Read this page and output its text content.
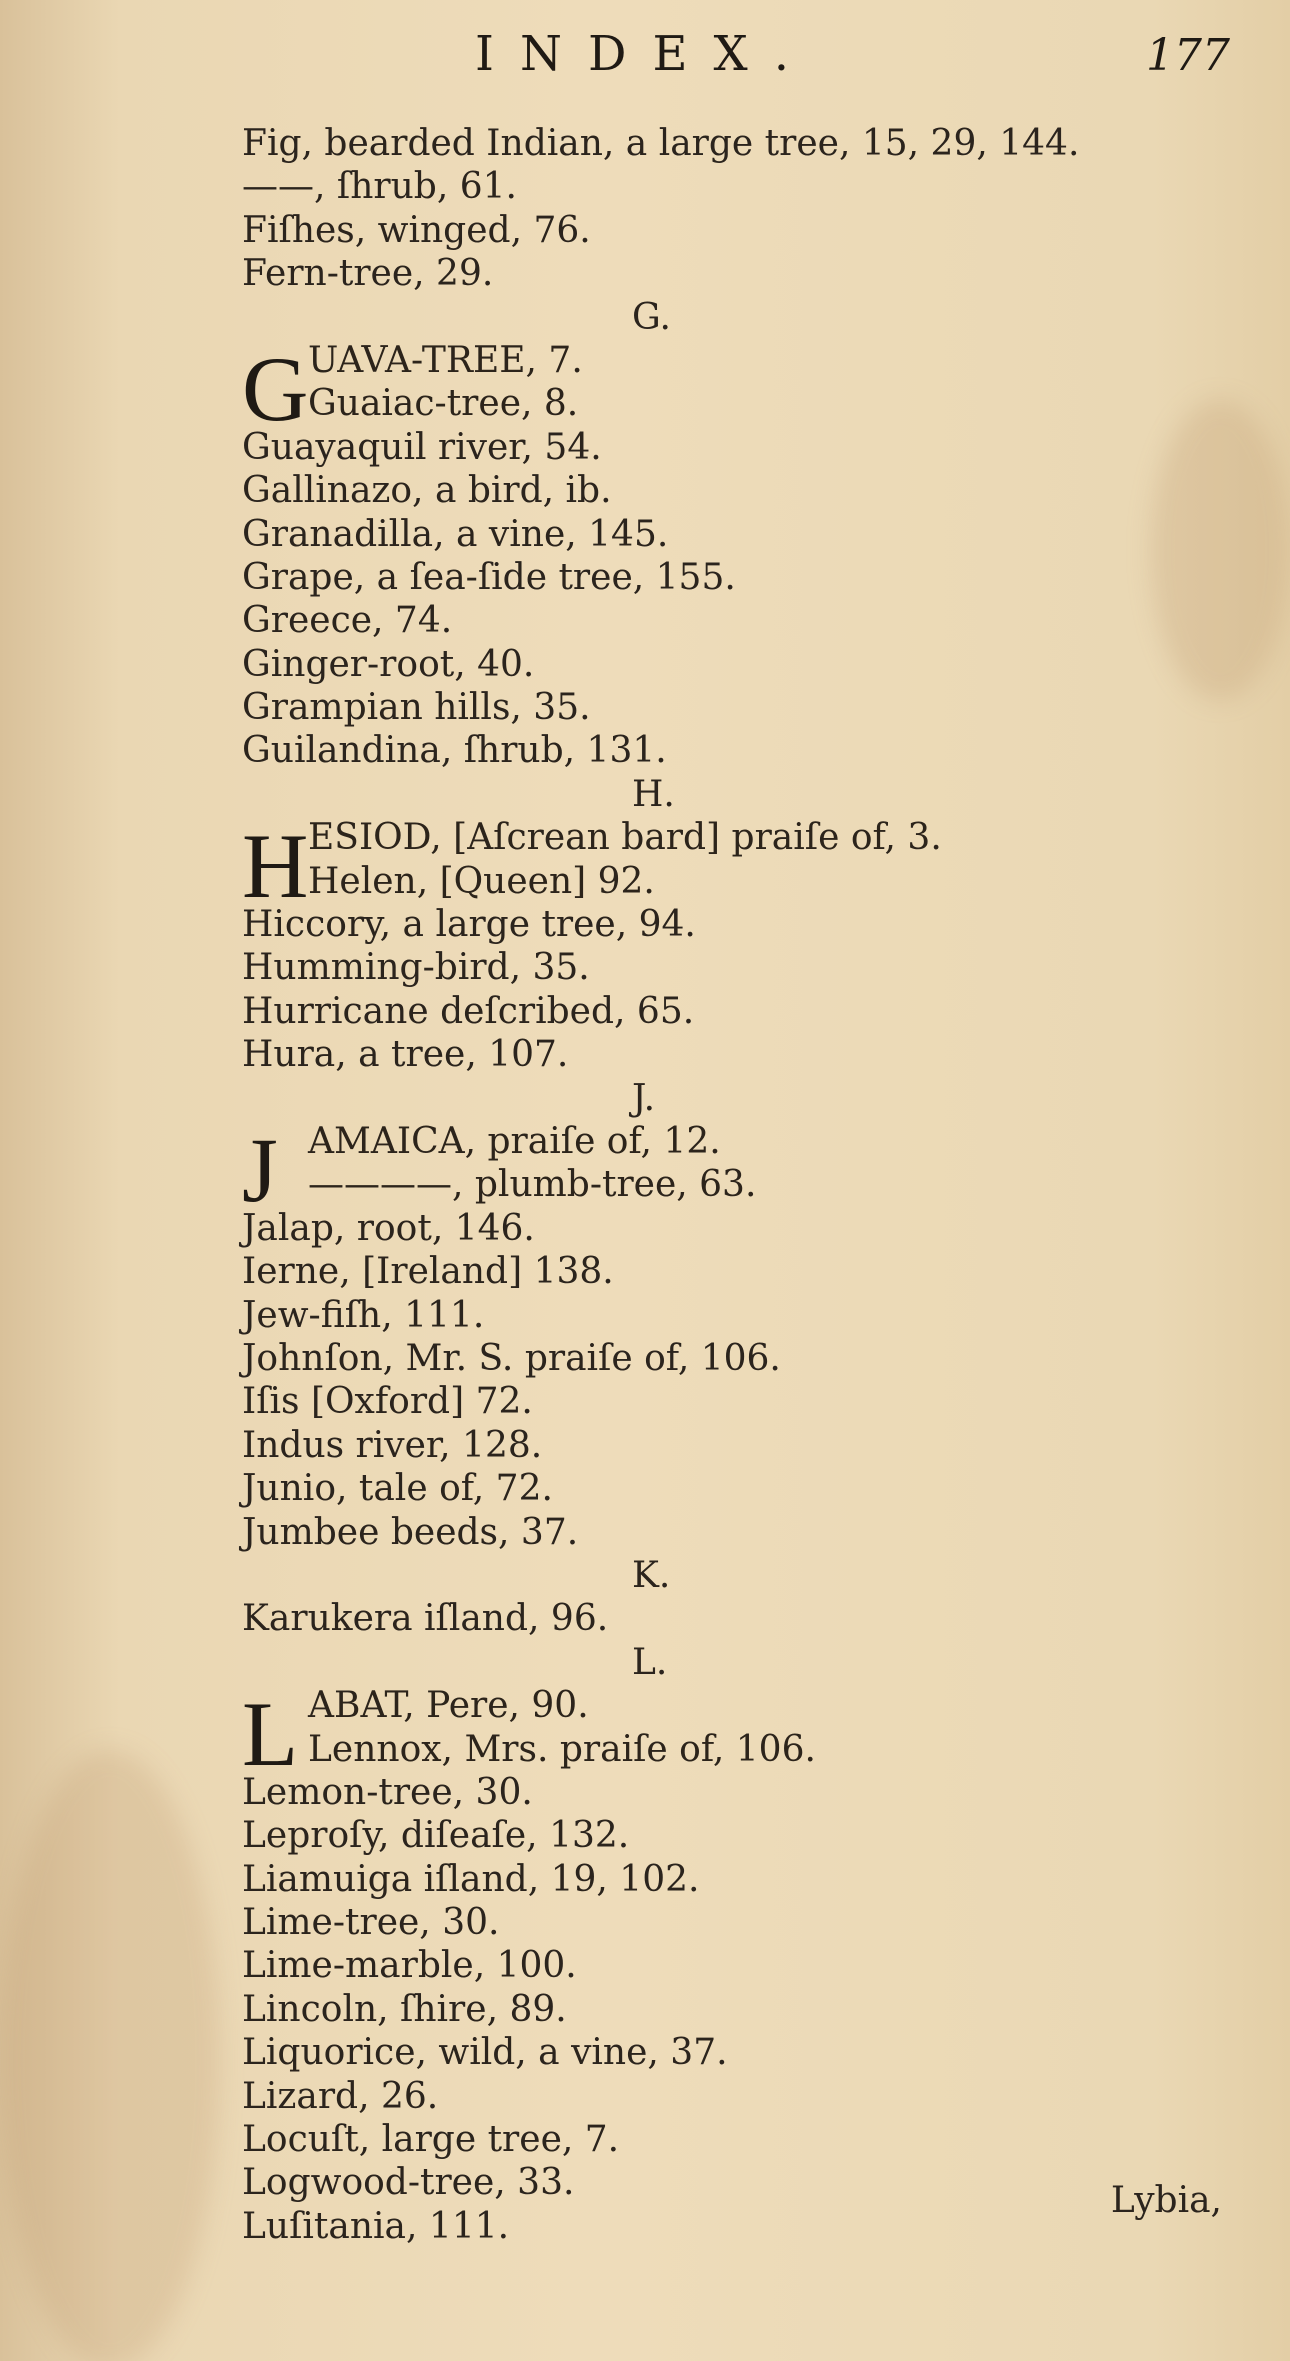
INDEX.	177
Fig, bearded Indian, a large tree, 15, 29, 144.
——, ſhrub, 61.
Fiſhes, winged, 76.
Fern-tree, 29.
G.
G UAVA-TREE, 7.
Guaiac-tree, 8.
Guayaquil river, 54.
Gallinazo, a bird, ib.
Granadilla, a vine, 145.
Grape, a ſea-ſide tree, 155.
Greece, 74.
Ginger-root, 40.
Grampian hills, 35.
Guilandina, ſhrub, 131.
H.
H ESIOD, [Aſcrean bard] praiſe of, 3.
Helen, [Queen] 92.
Hiccory, a large tree, 94.
Humming-bird, 35.
Hurricane deſcribed, 65.
Hura, a tree, 107.
J.
J AMAICA, praiſe of, 12.
————, plumb-tree, 63.
Jalap, root, 146.
Ierne, [Ireland] 138.
Jew-fiſh, 111.
Johnſon, Mr. S. praiſe of, 106.
Iſis [Oxford] 72.
Indus river, 128.
Junio, tale of, 72.
Jumbee beeds, 37.
K.
Karukera iſland, 96.
L.
L ABAT, Pere, 90.
Lennox, Mrs. praiſe of, 106.
Lemon-tree, 30.
Leproſy, diſeaſe, 132.
Liamuiga iſland, 19, 102.
Lime-tree, 30.
Lime-marble, 100.
Lincoln, ſhire, 89.
Liquorice, wild, a vine, 37.
Lizard, 26.
Locuſt, large tree, 7.
Logwood-tree, 33.
Luſitania, 111.
Lybia,
